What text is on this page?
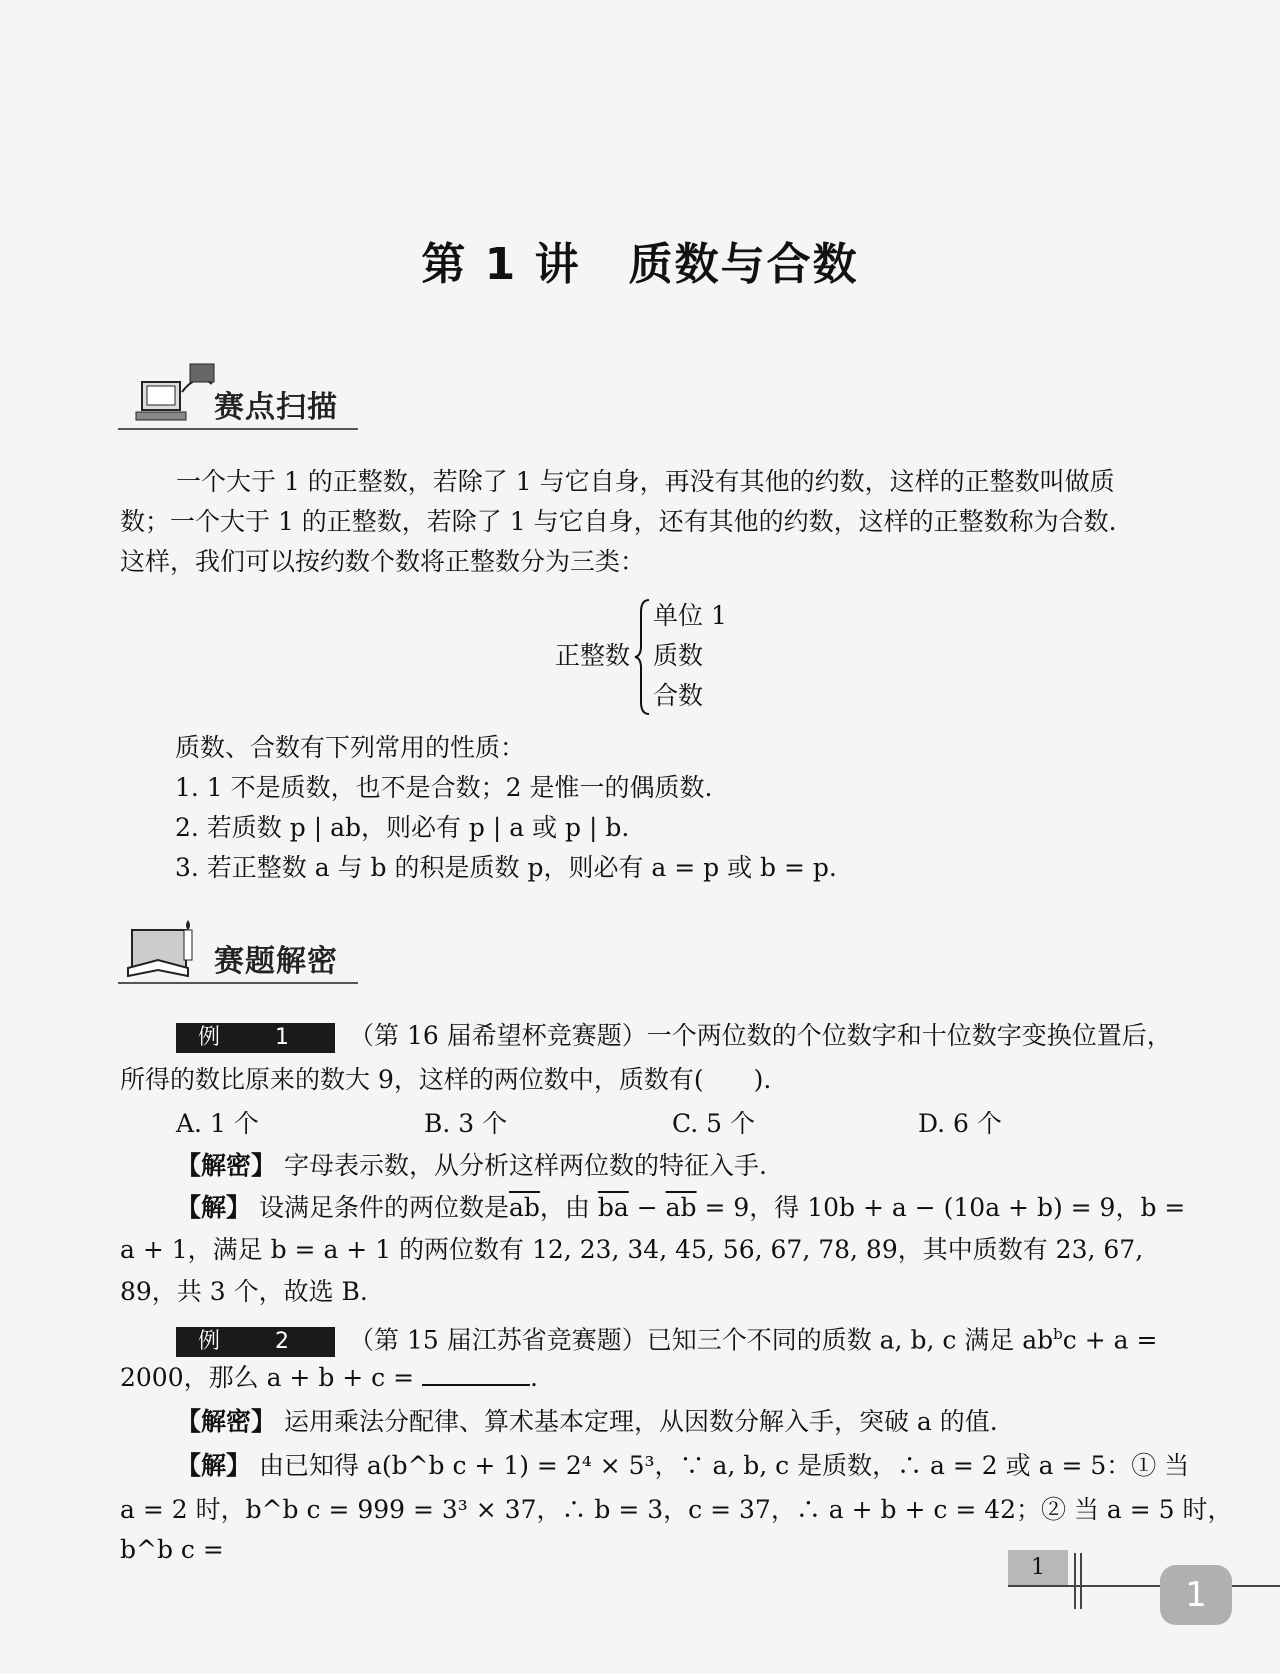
第 1 讲 质数与合数
赛点扫描
一个大于 1 的正整数，若除了 1 与它自身，再没有其他的约数，这样的正整数叫做质
数；一个大于 1 的正整数，若除了 1 与它自身，还有其他的约数，这样的正整数称为合数.
这样，我们可以按约数个数将正整数分为三类：
正整数
单位 1
质数
合数
质数、合数有下列常用的性质：
1. 1 不是质数，也不是合数；2 是惟一的偶质数.
2. 若质数 p | ab，则必有 p | a 或 p | b.
3. 若正整数 a 与 b 的积是质数 p，则必有 a = p 或 b = p.
赛题解密
例 1 （第 16 届希望杯竞赛题）一个两位数的个位数字和十位数字变换位置后，
所得的数比原来的数大 9，这样的两位数中，质数有(　　).
A. 1 个	B. 3 个	C. 5 个	D. 6 个
【解密】 字母表示数，从分析这样两位数的特征入手.
【解】 设满足条件的两位数是$\overline{ab}$，由 $\overline{ba} - \overline{ab} = 9$，得 10b + a − (10a + b) = 9，b =
a + 1，满足 b = a + 1 的两位数有 12, 23, 34, 45, 56, 67, 78, 89，其中质数有 23, 67,
89，共 3 个，故选 B.
例 2 （第 15 届江苏省竞赛题）已知三个不同的质数 a, b, c 满足 $ab^bc + a$ =
2000，那么 a + b + c =	.
【解密】 运用乘法分配律、算术基本定理，从因数分解入手，突破 a 的值.
【解】 由已知得 a(b^b c + 1) = 2⁴ × 5³，∵ a, b, c 是质数，∴ a = 2 或 a = 5：① 当
a = 2 时，b^b c = 999 = 3³ × 37，∴ b = 3，c = 37，∴ a + b + c = 42；② 当 a = 5 时，b^b c =
1
1
